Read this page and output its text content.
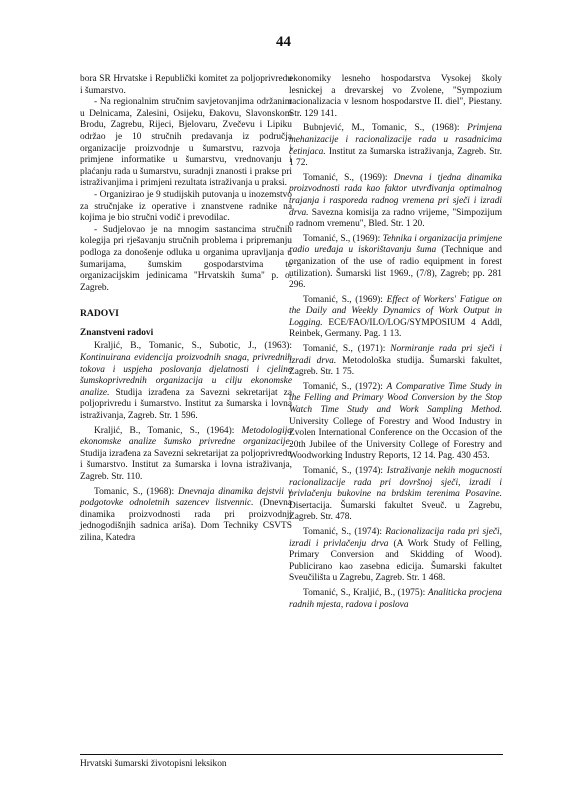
44

bora SR Hrvatske i Republički komitet za poljoprivredu i šumarstvo.

- Na regionalnim stručnim savjetovanjima održanim u Delnicama, Zalesini, Osijeku, Đakovu, Slavonskom Brodu, Zagrebu, Rijeci, Bjelovaru, Zvečevu i Lipiku održao je 10 stručnih predavanja iz područja organizacije proizvodnje u šumarstvu, razvoja i primjene informatike u šumarstvu, vrednovanju i plaćanju rada u šumarstvu, suradnji znanosti i prakse pri istraživanjima i primjeni rezultata istraživanja u praksi.

- Organizirao je 9 studijskih putovanja u inozemstvo za stručnjake iz operative i znanstvene radnike na kojima je bio stručni vodič i prevodilac.

- Sudjelovao je na mnogim sastancima stručnih kolegija pri rješavanju stručnih problema i pripremanju podloga za donošenje odluka u organima upravljanja u šumarijama, šumskim gospodarstvima te organizacijskim jedinicama "Hrvatskih šuma" p. o. Zagreb.

RADOVI
Znanstveni radovi

Kraljić, B., Tomanic, S., Subotic, J., (1963): Kontinuirana evidencija proizvodnih snaga, privrednih tokova i uspjeha poslovanja djelatnosti i cjeline šumskoprivrednih organizacija u cilju ekonomske analize. Studija izrađena za Savezni sekretarijat za poljoprivredu i šumarstvo. Institut za šumarska i lovna istraživanja, Zagreb. Str. 1 596.

Kraljić, B., Tomanic, S., (1964): Metodologija ekonomske analize šumsko privredne organizacije. Studija izrađena za Savezni sekretarijat za poljoprivredu i šumarstvo. Institut za šumarska i lovna istraživanja, Zagreb. Str. 110.

Tomanic, S., (1968): Dnevnaja dinamika dejstvii v podgotovke odnoletnih sazencev listvennic. (Dnevna dinamika proizvodnosti rada pri proizvodnji jednogodišnjih sadnica ariša). Dom Techniky CSVTS zilina, Katedra

ekonomiky lesneho hospodarstva Vysokej školy lesnickej a drevarskej vo Zvolene, "Sympozium racionalizacia v lesnom hospodarstve II. diel", Piestany. Str. 129 141.

Bubnjević, M., Tomanic, S., (1968): Primjena mehanizacije i racionalizacije rada u rasadnicima četinjaca. Institut za šumarska istraživanja, Zagreb. Str. 1 72.

Tomanić, S., (1969): Dnevna i tjedna dinamika proizvodnosti rada kao faktor utvrđivanja optimalnog trajanja i rasporeda radnog vremena pri sječi i izradi drva. Savezna komisija za radno vrijeme, "Simpozijum o radnom vremenu", Bled. Str. 1 20.

Tomanić, S., (1969): Tehnika i organizacija primjene radio uređaja u iskorištavanju šuma (Technique and organization of the use of radio equipment in forest utilization). Šumarski list 1969., (7/8), Zagreb; pp. 281 296.

Tomanić, S., (1969): Effect of Workers' Fatigue on the Daily and Weekly Dynamics of Work Output in Logging. ECE/FAO/ILO/LOG/SYMPOSIUM 4 Addl, Reinbek, Germany. Pag. 1 13.

Tomanić, S., (1971): Normiranje rada pri sječi i izradi drva. Metodološka studija. Šumarski fakultet, Zagreb. Str. 1 75.

Tomanić, S., (1972): A Comparative Time Study in the Felling and Primary Wood Conversion by the Stop Watch Time Study and Work Sampling Method. University College of Forestry and Wood Industry in Zvolen International Conference on the Occasion of the 20th Jubilee of the University College of Forestry and Woodworking Industry Reports, 12 14. Pag. 430 453.

Tomanić, S., (1974): Istraživanje nekih mogucnosti racionalizacije rada pri dovršnoj sječi, izradi i privlačenju bukovine na brdskim terenima Posavine. Disertacija. Šumarski fakultet Sveuč. u Zagrebu, Zagreb. Str. 478.

Tomanić, S., (1974): Racionalizacija rada pri sječi, izradi i privlačenju drva (A Work Study of Felling, Primary Conversion and Skidding of Wood). Publicirano kao zasebna edicija. Šumarski fakultet Sveučilišta u Zagrebu, Zagreb. Str. 1 468.

Tomanić, S., Kraljić, B., (1975): Analiticka procjena radnih mjesta, radova i poslova

Hrvatski šumarski životopisni leksikon
